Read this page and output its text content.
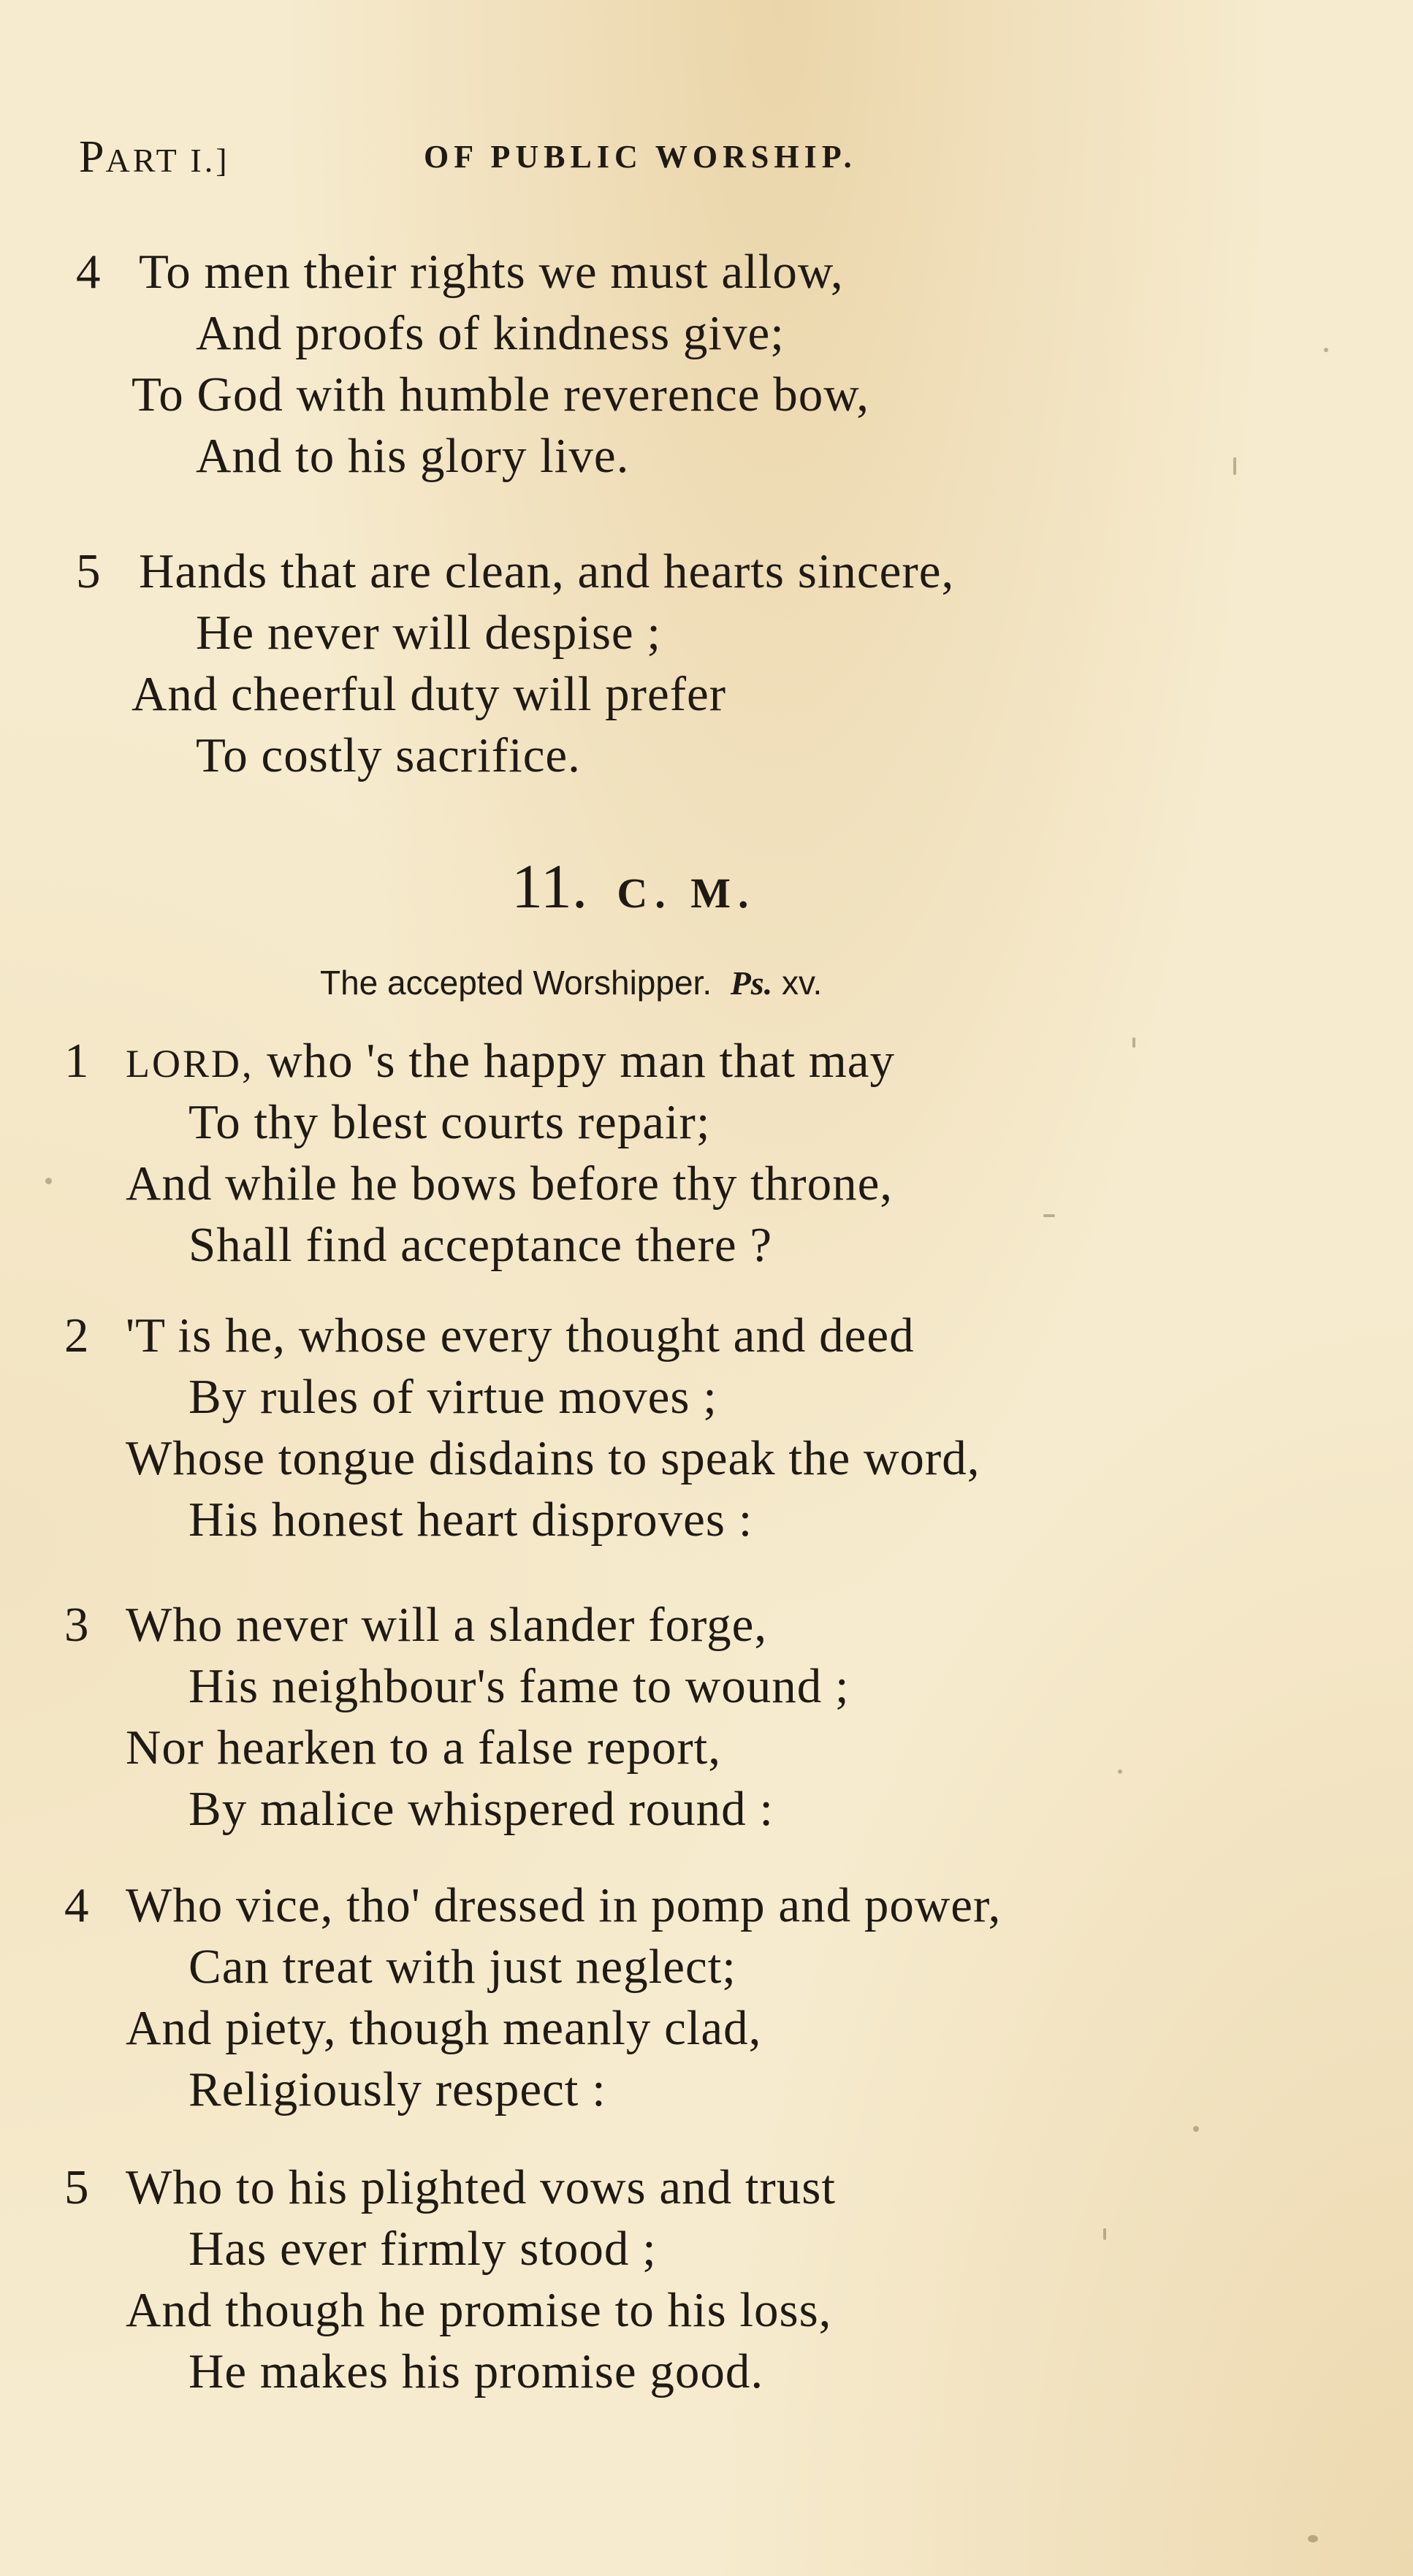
PART I.]	OF PUBLIC WORSHIP.
4 To men their rights we must allow,
And proofs of kindness give;
To God with humble reverence bow,
And to his glory live.
5 Hands that are clean, and hearts sincere,
He never will despise ;
And cheerful duty will prefer
To costly sacrifice.
11. C. M.
The accepted Worshipper. Ps. xv.
1 LORD, who 's the happy man that may
To thy blest courts repair;
And while he bows before thy throne,
Shall find acceptance there ?
2 'T is he, whose every thought and deed
By rules of virtue moves ;
Whose tongue disdains to speak the word,
His honest heart disproves :
3 Who never will a slander forge,
His neighbour's fame to wound ;
Nor hearken to a false report,
By malice whispered round :
4 Who vice, tho' dressed in pomp and power,
Can treat with just neglect;
And piety, though meanly clad,
Religiously respect :
5 Who to his plighted vows and trust
Has ever firmly stood ;
And though he promise to his loss,
He makes his promise good.
